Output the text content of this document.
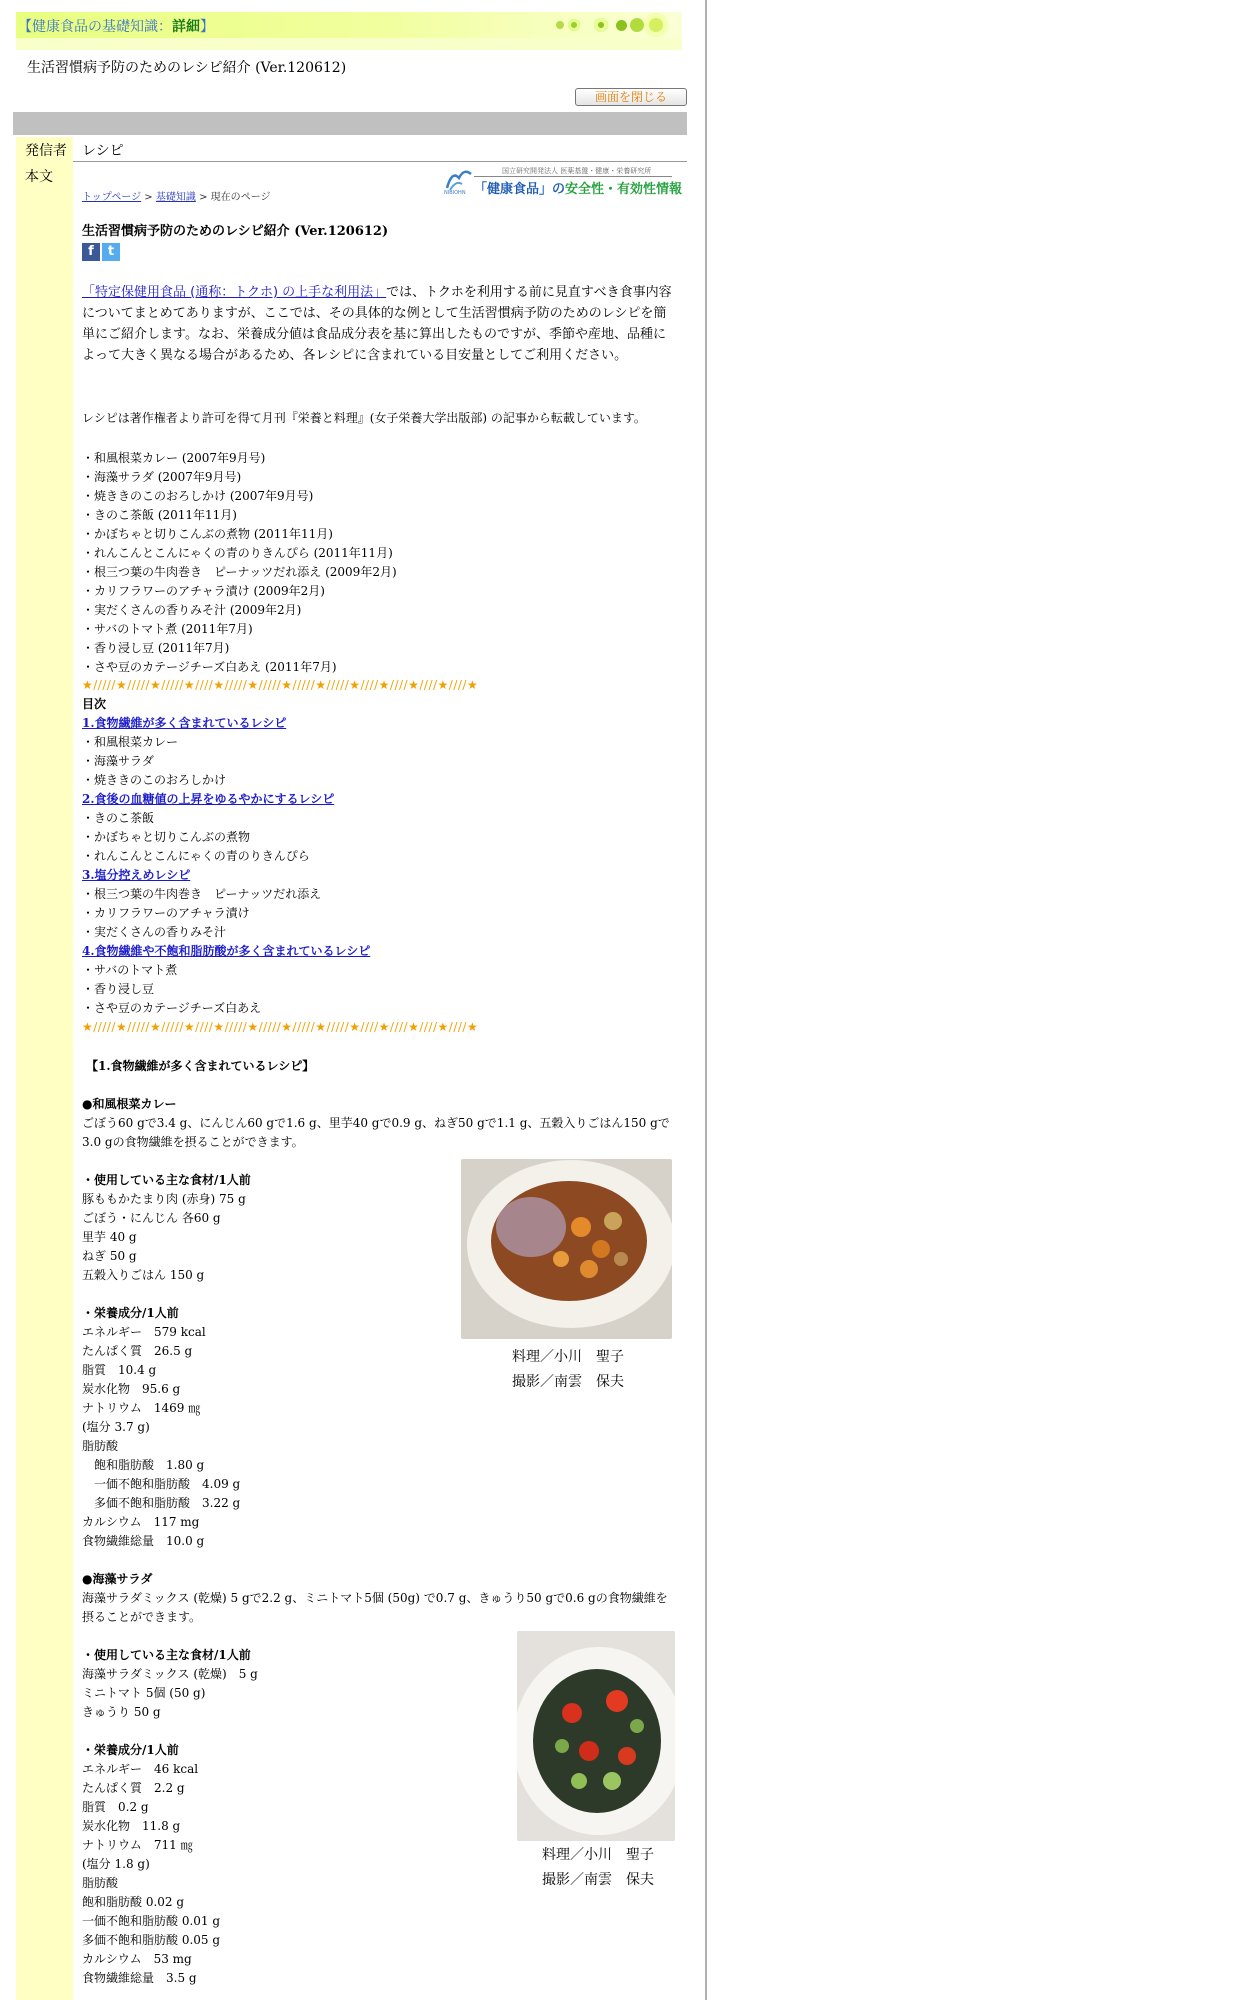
【健康食品の基礎知識：詳細】
生活習慣病予防のためのレシピ紹介 (Ver.120612)
画面を閉じる
発信者 レシピ
本文
トップページ > 基礎知識 > 現在のページ	NIBIOHN
国立研究開発法人 医薬基盤・健康・栄養研究所
「健康食品」の安全性・有効性情報
生活習慣病予防のためのレシピ紹介 (Ver.120612)
f t
「特定保健用食品 (通称：トクホ) の上手な利用法」では、トクホを利用する前に見直すべき食事内容についてまとめてありますが、ここでは、その具体的な例として生活習慣病予防のためのレシピを簡単にご紹介します。なお、栄養成分値は食品成分表を基に算出したものですが、季節や産地、品種によって大きく異なる場合があるため、各レシピに含まれている目安量としてご利用ください。
レシピは著作権者より許可を得て月刊『栄養と料理』(女子栄養大学出版部) の記事から転載しています。
・和風根菜カレー (2007年9月号)
・海藻サラダ (2007年9月号)
・焼ききのこのおろしかけ (2007年9月号)
・きのこ茶飯 (2011年11月)
・かぼちゃと切りこんぶの煮物 (2011年11月)
・れんこんとこんにゃくの青のりきんぴら (2011年11月)
・根三つ葉の牛肉巻き　ピーナッツだれ添え (2009年2月)
・カリフラワーのアチャラ漬け (2009年2月)
・実だくさんの香りみそ汁 (2009年2月)
・サバのトマト煮 (2011年7月)
・香り浸し豆 (2011年7月)
・さや豆のカテージチーズ白あえ (2011年7月)
★/////★/////★/////★////★/////★/////★/////★/////★////★////★////★////★
目次
1.食物繊維が多く含まれているレシピ
・和風根菜カレー
・海藻サラダ
・焼ききのこのおろしかけ
2.食後の血糖値の上昇をゆるやかにするレシピ
・きのこ茶飯
・かぼちゃと切りこんぶの煮物
・れんこんとこんにゃくの青のりきんぴら
3.塩分控えめレシピ
・根三つ葉の牛肉巻き　ピーナッツだれ添え
・カリフラワーのアチャラ漬け
・実だくさんの香りみそ汁
4.食物繊維や不飽和脂肪酸が多く含まれているレシピ
・サバのトマト煮
・香り浸し豆
・さや豆のカテージチーズ白あえ
★/////★/////★/////★////★/////★/////★/////★/////★////★////★////★////★
【1.食物繊維が多く含まれているレシピ】
●和風根菜カレー
ごぼう60 gで3.4 g、にんじん60 gで1.6 g、里芋40 gで0.9 g、ねぎ50 gで1.1 g、五穀入りごはん150 gで
3.0 gの食物繊維を摂ることができます。
・使用している主な食材/1人前
豚ももかたまり肉 (赤身) 75 g
ごぼう・にんじん 各60 g
里芋 40 g
ねぎ 50 g
五穀入りごはん 150 g
・栄養成分/1人前
エネルギー　579 kcal
たんぱく質　26.5 g
脂質　10.4 g
炭水化物　95.6 g
ナトリウム　1469 ㎎
(塩分 3.7 g)
脂肪酸
　飽和脂肪酸　1.80 g
　一価不飽和脂肪酸　4.09 g
　多価不飽和脂肪酸　3.22 g
カルシウム　117 mg
食物繊維総量　10.0 g
●海藻サラダ
海藻サラダミックス (乾燥) 5 gで2.2 g、ミニトマト5個 (50g) で0.7 g、きゅうり50 gで0.6 gの食物繊維を
摂ることができます。
・使用している主な食材/1人前
海藻サラダミックス (乾燥)　5 g
ミニトマト 5個 (50 g)
きゅうり 50 g
・栄養成分/1人前
エネルギー　46 kcal
たんぱく質　2.2 g
脂質　0.2 g
炭水化物　11.8 g
ナトリウム　711 ㎎
(塩分 1.8 g)
脂肪酸
飽和脂肪酸 0.02 g
一価不飽和脂肪酸 0.01 g
多価不飽和脂肪酸 0.05 g
カルシウム　53 mg
食物繊維総量　3.5 g
料理／小川　聖子
撮影／南雲　保夫
料理／小川　聖子
撮影／南雲　保夫
